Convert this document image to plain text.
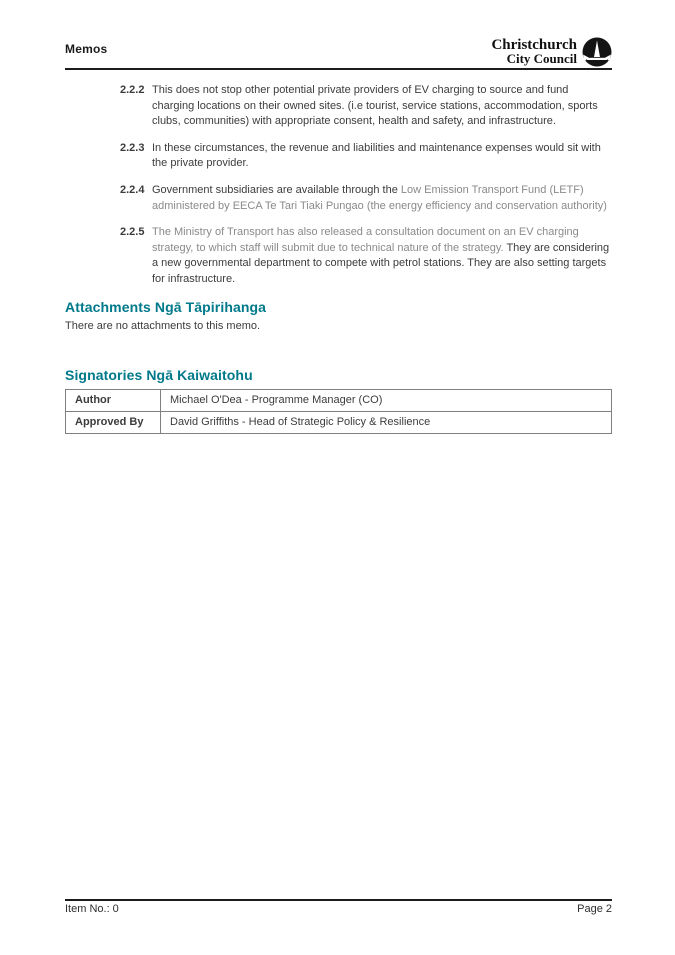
Memos	Christchurch
City Council
2.2.2 This does not stop other potential private providers of EV charging to source and fund charging locations on their owned sites. (i.e tourist, service stations, accommodation, sports clubs, communities) with appropriate consent, health and safety, and infrastructure.
2.2.3 In these circumstances, the revenue and liabilities and maintenance expenses would sit with the private provider.
2.2.4 Government subsidiaries are available through the Low Emission Transport Fund (LETF) administered by EECA Te Tari Tiaki Pungao (the energy efficiency and conservation authority)
2.2.5 The Ministry of Transport has also released a consultation document on an EV charging strategy, to which staff will submit due to technical nature of the strategy. They are considering a new governmental department to compete with petrol stations. They are also setting targets for infrastructure.
Attachments Ngā Tāpirihanga
There are no attachments to this memo.
Signatories Ngā Kaiwaitohu
Author	Michael O'Dea - Programme Manager (CO)
Approved By	David Griffiths - Head of Strategic Policy & Resilience
Item No.: 0	Page 2
